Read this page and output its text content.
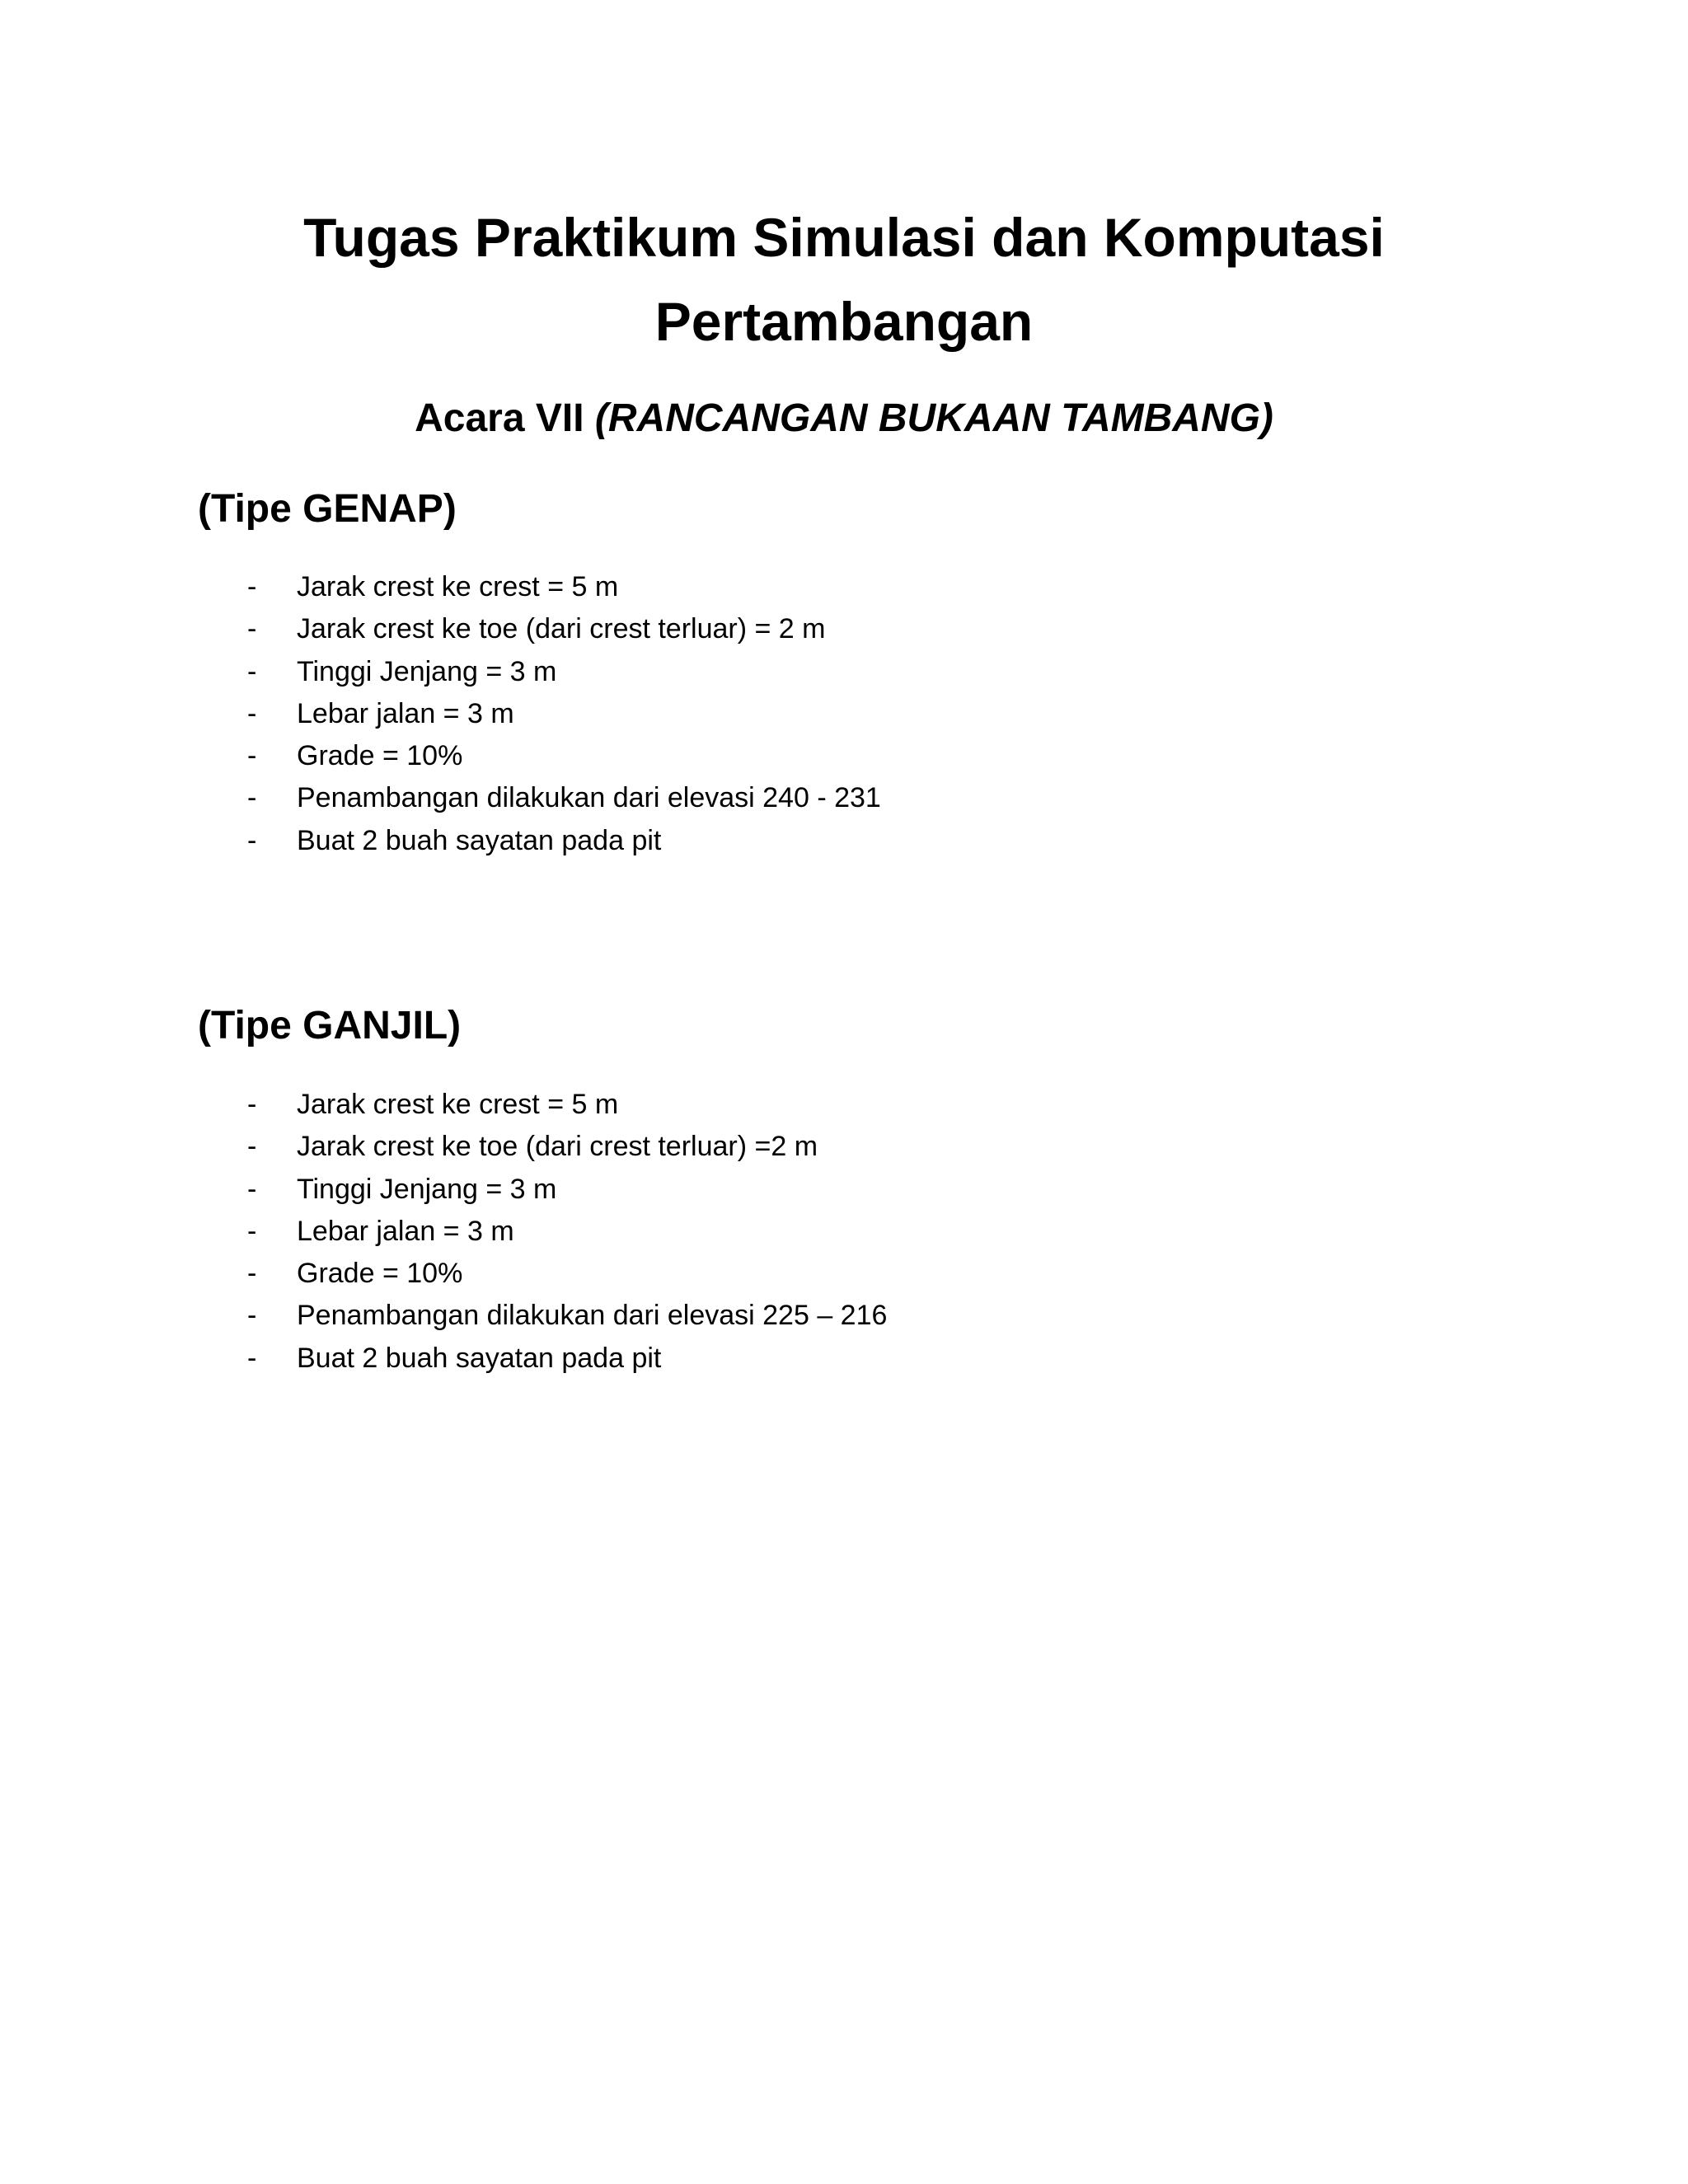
Tugas Praktikum Simulasi dan Komputasi
Pertambangan
Acara VII (RANCANGAN BUKAAN TAMBANG)
(Tipe GENAP)
- Jarak crest ke crest = 5 m
- Jarak crest ke toe (dari crest terluar) = 2 m
- Tinggi Jenjang = 3 m
- Lebar jalan = 3 m
- Grade = 10%
- Penambangan dilakukan dari elevasi 240 - 231
- Buat 2 buah sayatan pada pit
(Tipe GANJIL)
- Jarak crest ke crest = 5 m
- Jarak crest ke toe (dari crest terluar) =2 m
- Tinggi Jenjang = 3 m
- Lebar jalan = 3 m
- Grade = 10%
- Penambangan dilakukan dari elevasi 225 – 216
- Buat 2 buah sayatan pada pit
